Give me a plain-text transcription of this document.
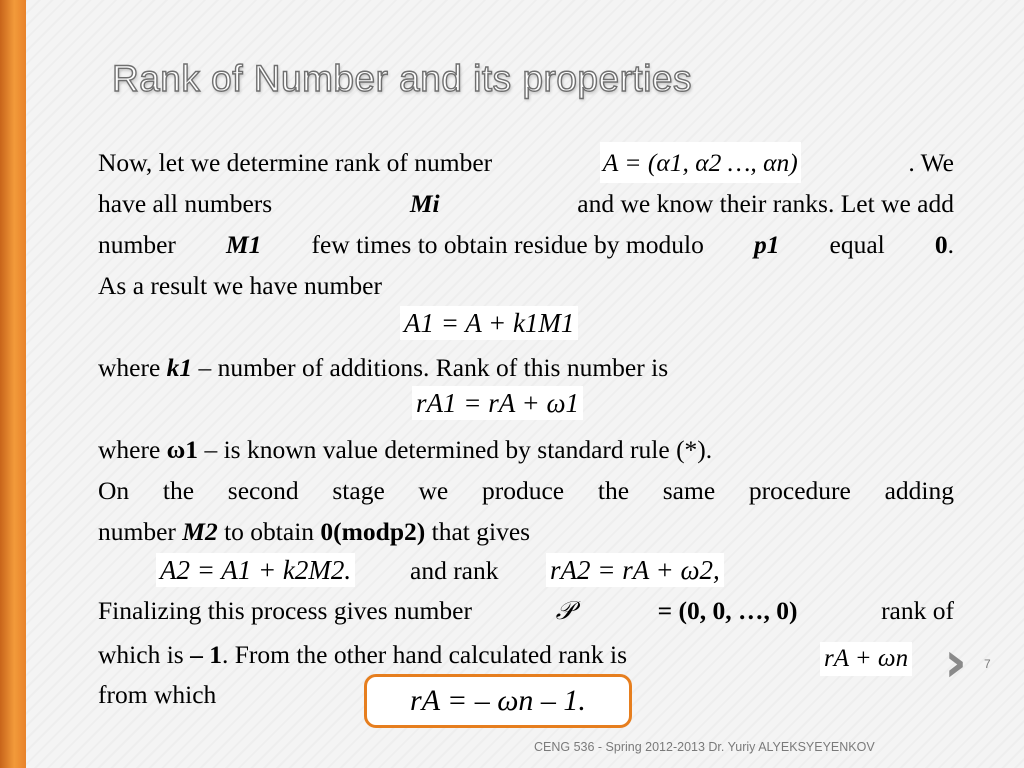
Rank of Number and its properties
Now, let we determine rank of number	A = (α1, α2 …, αn)	. We
have all numbers	Mi	and we know their ranks. Let we add
number M1 few times to obtain residue by modulo p1 equal 0.
As a result we have number
A1 = A + k1M1
where k1 – number of additions. Rank of this number is
rA1 = rA + ω1
where ω1 – is known value determined by standard rule (*).
On the second stage we produce the same procedure adding
number M2 to obtain 0(modp2) that gives
A2 = A1 + k2M2. and rank	rA2 = rA + ω2,
Finalizing this process gives number	𝒫	= (0, 0, …, 0)	rank of
which is – 1. From the other hand calculated rank is	rA + ωn
from which	rA = – ωn – 1.
›	7
CENG 536 - Spring 2012-2013 Dr. Yuriy ALYEKSYEYENKOV
